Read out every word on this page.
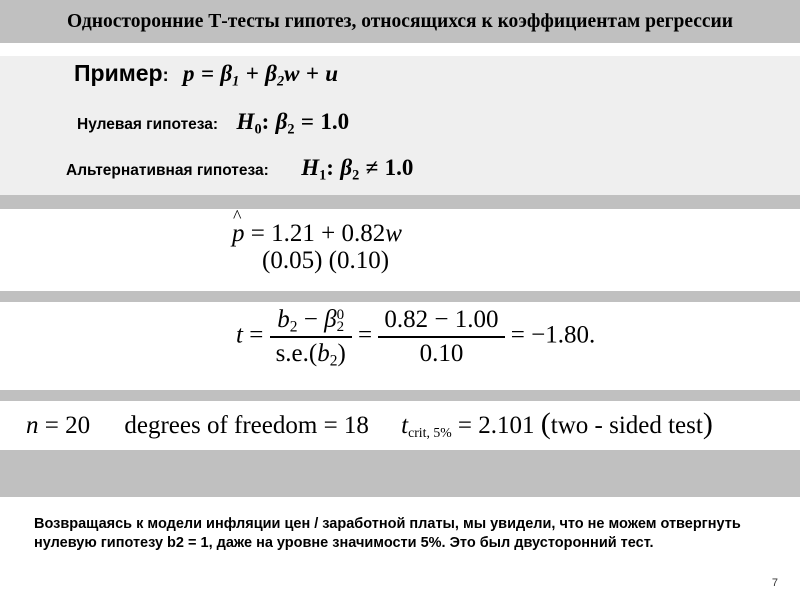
Односторонние Т-тесты гипотез, относящихся к коэффициентам регрессии
Пример: $p = \beta_1 + \beta_2w + u$
Нулевая гипотеза: $H_0$: $\beta_2 = 1.0$
Альтернативная гипотеза: $H_1$: $\beta_2 \ne 1.0$
^ p = 1.21 + 0.82w
(0.05) (0.10)
$t = b_2 - \beta$ 0
2
$s.e.(b_2) = \frac{0.82 - 1.00}{0.10} = -1.80$.
n = 20 degrees of freedom = 18 $t_{crit, 5\%} = 2.101$ (two - sided test)
Возвращаясь к модели инфляции цен / заработной платы, мы увидели, что не можем отвергнуть нулевую гипотезу b2 = 1, даже на уровне значимости 5%. Это был двусторонний тест.
7
